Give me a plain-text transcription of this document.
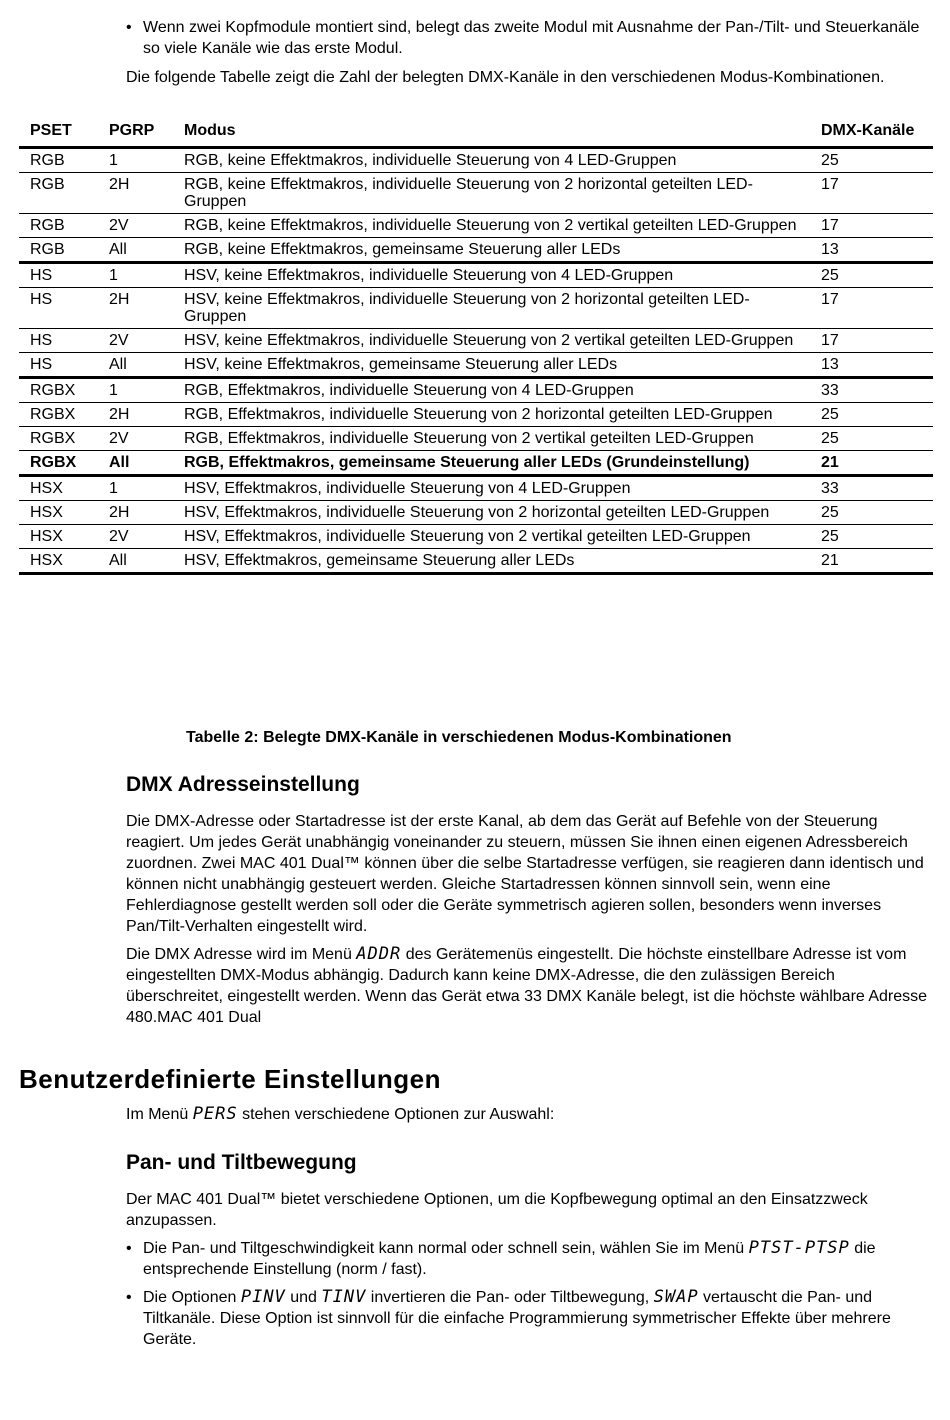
• Wenn zwei Kopfmodule montiert sind, belegt das zweite Modul mit Ausnahme der Pan-/Tilt- und Steuerkanäle so viele Kanäle wie das erste Modul.
Die folgende Tabelle zeigt die Zahl der belegten DMX-Kanäle in den verschiedenen Modus-Kombinationen.
PSET	PGRP	Modus	DMX-Kanäle
RGB	1	RGB, keine Effektmakros, individuelle Steuerung von 4 LED-Gruppen	25
RGB	2H	RGB, keine Effektmakros, individuelle Steuerung von 2 horizontal geteilten LED-Gruppen	17
RGB	2V	RGB, keine Effektmakros, individuelle Steuerung von 2 vertikal geteilten LED-Gruppen	17
RGB	All	RGB, keine Effektmakros, gemeinsame Steuerung aller LEDs	13
HS	1	HSV, keine Effektmakros, individuelle Steuerung von 4 LED-Gruppen	25
HS	2H	HSV, keine Effektmakros, individuelle Steuerung von 2 horizontal geteilten LED-Gruppen	17
HS	2V	HSV, keine Effektmakros, individuelle Steuerung von 2 vertikal geteilten LED-Gruppen	17
HS	All	HSV, keine Effektmakros, gemeinsame Steuerung aller LEDs	13
RGBX	1	RGB, Effektmakros, individuelle Steuerung von 4 LED-Gruppen	33
RGBX	2H	RGB, Effektmakros, individuelle Steuerung von 2 horizontal geteilten LED-Gruppen	25
RGBX	2V	RGB, Effektmakros, individuelle Steuerung von 2 vertikal geteilten LED-Gruppen	25
RGBX	All	RGB, Effektmakros, gemeinsame Steuerung aller LEDs (Grundeinstellung)	21
HSX	1	HSV, Effektmakros, individuelle Steuerung von 4 LED-Gruppen	33
HSX	2H	HSV, Effektmakros, individuelle Steuerung von 2 horizontal geteilten LED-Gruppen	25
HSX	2V	HSV, Effektmakros, individuelle Steuerung von 2 vertikal geteilten LED-Gruppen	25
HSX	All	HSV, Effektmakros, gemeinsame Steuerung aller LEDs	21
Tabelle 2: Belegte DMX-Kanäle in verschiedenen Modus-Kombinationen
DMX Adresseinstellung
Die DMX-Adresse oder Startadresse ist der erste Kanal, ab dem das Gerät auf Befehle von der Steuerung reagiert. Um jedes Gerät unabhängig voneinander zu steuern, müssen Sie ihnen einen eigenen Adressbereich zuordnen. Zwei MAC 401 Dual™ können über die selbe Startadresse verfügen, sie reagieren dann identisch und können nicht unabhängig gesteuert werden. Gleiche Startadressen können sinnvoll sein, wenn eine Fehlerdiagnose gestellt werden soll oder die Geräte symmetrisch agieren sollen, besonders wenn inverses Pan/Tilt-Verhalten eingestellt wird.
Die DMX Adresse wird im Menü ADDR des Gerätemenüs eingestellt. Die höchste einstellbare Adresse ist vom eingestellten DMX-Modus abhängig. Dadurch kann keine DMX-Adresse, die den zulässigen Bereich überschreitet, eingestellt werden. Wenn das Gerät etwa 33 DMX Kanäle belegt, ist die höchste wählbare Adresse 480.MAC 401 Dual
Benutzerdefinierte Einstellungen
Im Menü PERS stehen verschiedene Optionen zur Auswahl:
Pan- und Tiltbewegung
Der MAC 401 Dual™ bietet verschiedene Optionen, um die Kopfbewegung optimal an den Einsatzzweck anzupassen.
• Die Pan- und Tiltgeschwindigkeit kann normal oder schnell sein, wählen Sie im Menü PTST-PTSP die entsprechende Einstellung (norm / fast).
• Die Optionen PINV und TINV invertieren die Pan- oder Tiltbewegung, SWAP vertauscht die Pan- und Tiltkanäle. Diese Option ist sinnvoll für die einfache Programmierung symmetrischer Effekte über mehrere Geräte.
